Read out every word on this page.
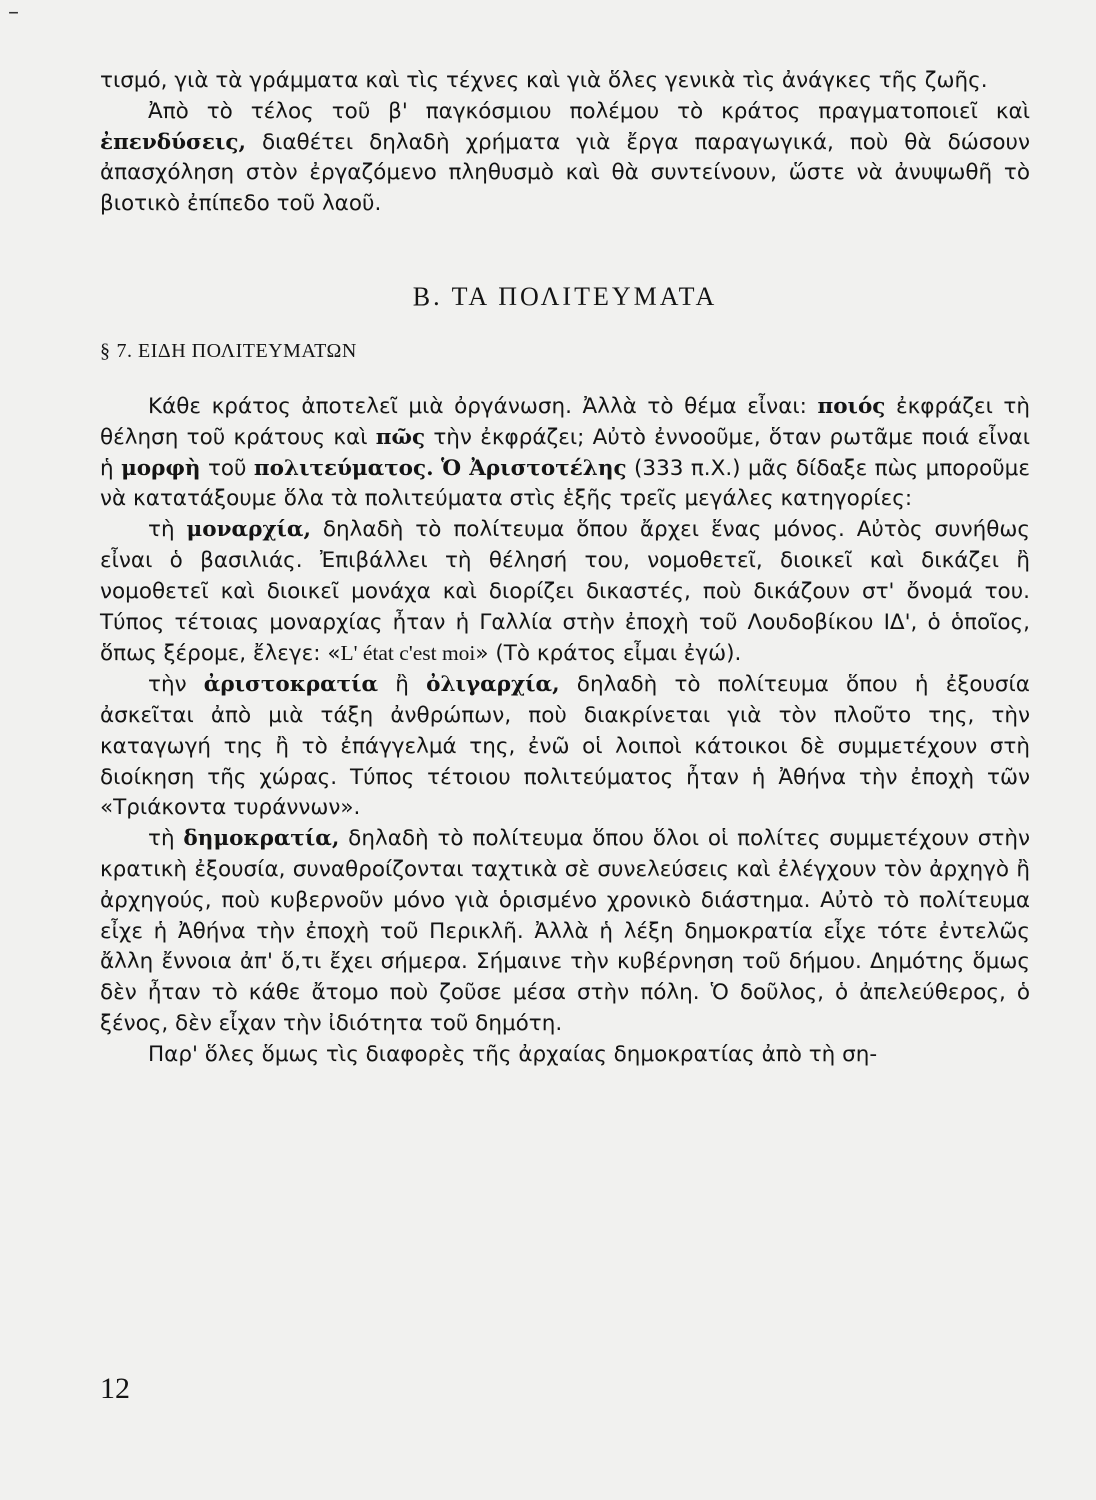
–

τισμό, γιὰ τὰ γράμματα καὶ τὶς τέχνες καὶ γιὰ ὅλες γενικὰ τὶς ἀνάγκες τῆς ζωῆς.

Ἀπὸ τὸ τέλος τοῦ β' παγκόσμιου πολέμου τὸ κράτος πραγματοποιεῖ καὶ ἐπενδύσεις, διαθέτει δηλαδὴ χρήματα γιὰ ἔργα παραγωγικά, ποὺ θὰ δώσουν ἀπασχόληση στὸν ἐργαζόμενο πληθυσμὸ καὶ θὰ συντείνουν, ὥστε νὰ ἀνυψωθῆ τὸ βιοτικὸ ἐπίπεδο τοῦ λαοῦ.

Β. ΤΑ ΠΟΛΙΤΕΥΜΑΤΑ

§ 7. ΕΙΔΗ ΠΟΛΙΤΕΥΜΑΤΩΝ

Κάθε κράτος ἀποτελεῖ μιὰ ὀργάνωση. Ἀλλὰ τὸ θέμα εἶναι: ποιός ἐκφράζει τὴ θέληση τοῦ κράτους καὶ πῶς τὴν ἐκφράζει; Αὐτὸ ἐννοοῦμε, ὅταν ρωτᾶμε ποιά εἶναι ἡ μορφὴ τοῦ πολιτεύματος. Ὁ Ἀριστοτέλης (333 π.Χ.) μᾶς δίδαξε πὼς μποροῦμε νὰ κατατάξουμε ὅλα τὰ πολιτεύματα στὶς ἑξῆς τρεῖς μεγάλες κατηγορίες:

τὴ μοναρχία, δηλαδὴ τὸ πολίτευμα ὅπου ἄρχει ἕνας μόνος. Αὐτὸς συνήθως εἶναι ὁ βασιλιάς. Ἐπιβάλλει τὴ θέλησή του, νομοθετεῖ, διοικεῖ καὶ δικάζει ἢ νομοθετεῖ καὶ διοικεῖ μονάχα καὶ διορίζει δικαστές, ποὺ δικάζουν στ' ὄνομά του. Τύπος τέτοιας μοναρχίας ἦταν ἡ Γαλλία στὴν ἐποχὴ τοῦ Λουδοβίκου ΙΔ', ὁ ὁποῖος, ὅπως ξέρομε, ἔλεγε: «L' état c'est moi» (Τὸ κράτος εἶμαι ἐγώ).

τὴν ἀριστοκρατία ἢ ὀλιγαρχία, δηλαδὴ τὸ πολίτευμα ὅπου ἡ ἐξουσία ἀσκεῖται ἀπὸ μιὰ τάξη ἀνθρώπων, ποὺ διακρίνεται γιὰ τὸν πλοῦτο της, τὴν καταγωγή της ἢ τὸ ἐπάγγελμά της, ἐνῶ οἱ λοιποὶ κάτοικοι δὲ συμμετέχουν στὴ διοίκηση τῆς χώρας. Τύπος τέτοιου πολιτεύματος ἦταν ἡ Ἀθήνα τὴν ἐποχὴ τῶν «Τριάκοντα τυράννων».

τὴ δημοκρατία, δηλαδὴ τὸ πολίτευμα ὅπου ὅλοι οἱ πολίτες συμμετέχουν στὴν κρατικὴ ἐξουσία, συναθροίζονται ταχτικὰ σὲ συνελεύσεις καὶ ἐλέγχουν τὸν ἀρχηγὸ ἢ ἀρχηγούς, ποὺ κυβερνοῦν μόνο γιὰ ὁρισμένο χρονικὸ διάστημα. Αὐτὸ τὸ πολίτευμα εἶχε ἡ Ἀθήνα τὴν ἐποχὴ τοῦ Περικλῆ. Ἀλλὰ ἡ λέξη δημοκρατία εἶχε τότε ἐντελῶς ἄλλη ἔννοια ἀπ' ὅ,τι ἔχει σήμερα. Σήμαινε τὴν κυβέρνηση τοῦ δήμου. Δημότης ὅμως δὲν ἦταν τὸ κάθε ἄτομο ποὺ ζοῦσε μέσα στὴν πόλη. Ὁ δοῦλος, ὁ ἀπελεύθερος, ὁ ξένος, δὲν εἶχαν τὴν ἰδιότητα τοῦ δημότη.

Παρ' ὅλες ὅμως τὶς διαφορὲς τῆς ἀρχαίας δημοκρατίας ἀπὸ τὴ ση-

12
